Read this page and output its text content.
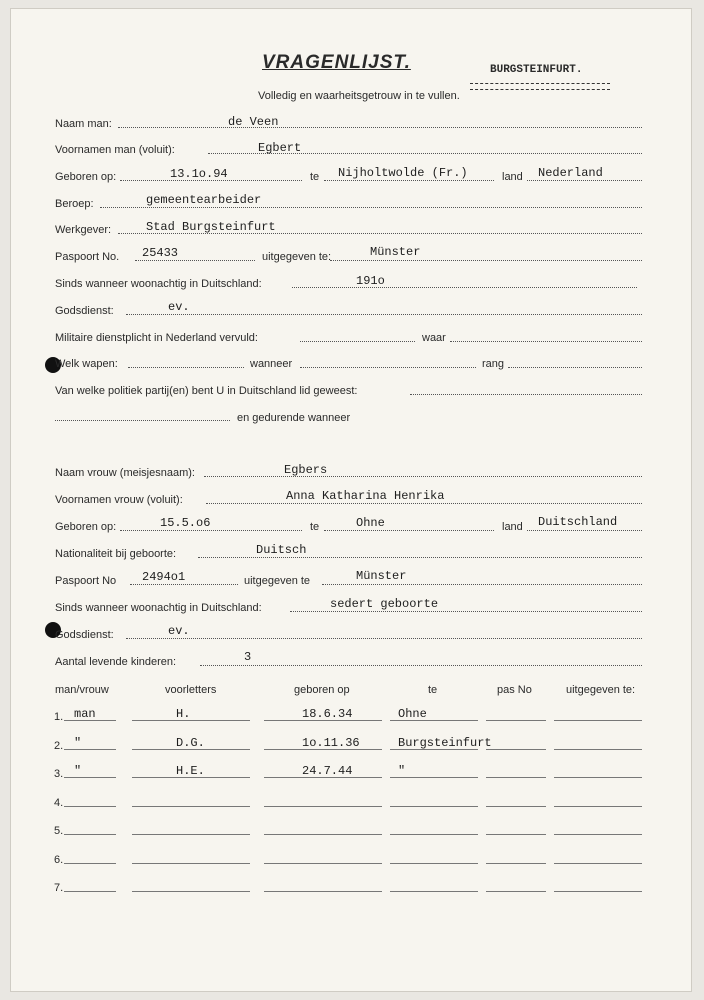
VRAGENLIJST.
Volledig en waarheitsgetrouw in te vullen.
BURGSTEINFURT.
Naam man:	de Veen
Voornamen man (voluit):	Egbert
Geboren op:	13.1o.94	te Nijholtwolde (Fr.)	land Nederland
Beroep:	gemeentearbeider
Werkgever:	Stad Burgsteinfurt
Paspoort No. 25433	uitgegeven te:	Münster
Sinds wanneer woonachtig in Duitschland:	191o
Godsdienst:	ev.
Militaire dienstplicht in Nederland vervuld:	waar
Welk wapen:	wanneer	rang
Van welke politiek partij(en) bent U in Duitschland lid geweest:
en gedurende wanneer
Naam vrouw (meisjesnaam):	Egbers
Voornamen vrouw (voluit):	Anna Katharina Henrika
Geboren op:	15.5.o6	te	Ohne	land Duitschland
Nationaliteit bij geboorte:	Duitsch
Paspoort No 2494o1	uitgegeven te	Münster
Sinds wanneer woonachtig in Duitschland:	sedert geboorte
Godsdienst:	ev.
Aantal levende kinderen:	3
man/vrouw	voorletters	geboren op	te	pas No	uitgegeven te:
1. man	H.	18.6.34	Ohne
2. "	D.G.	1o.11.36	Burgsteinfurt
3. "	H.E.	24.7.44	"
4.
5.
6.
7.
